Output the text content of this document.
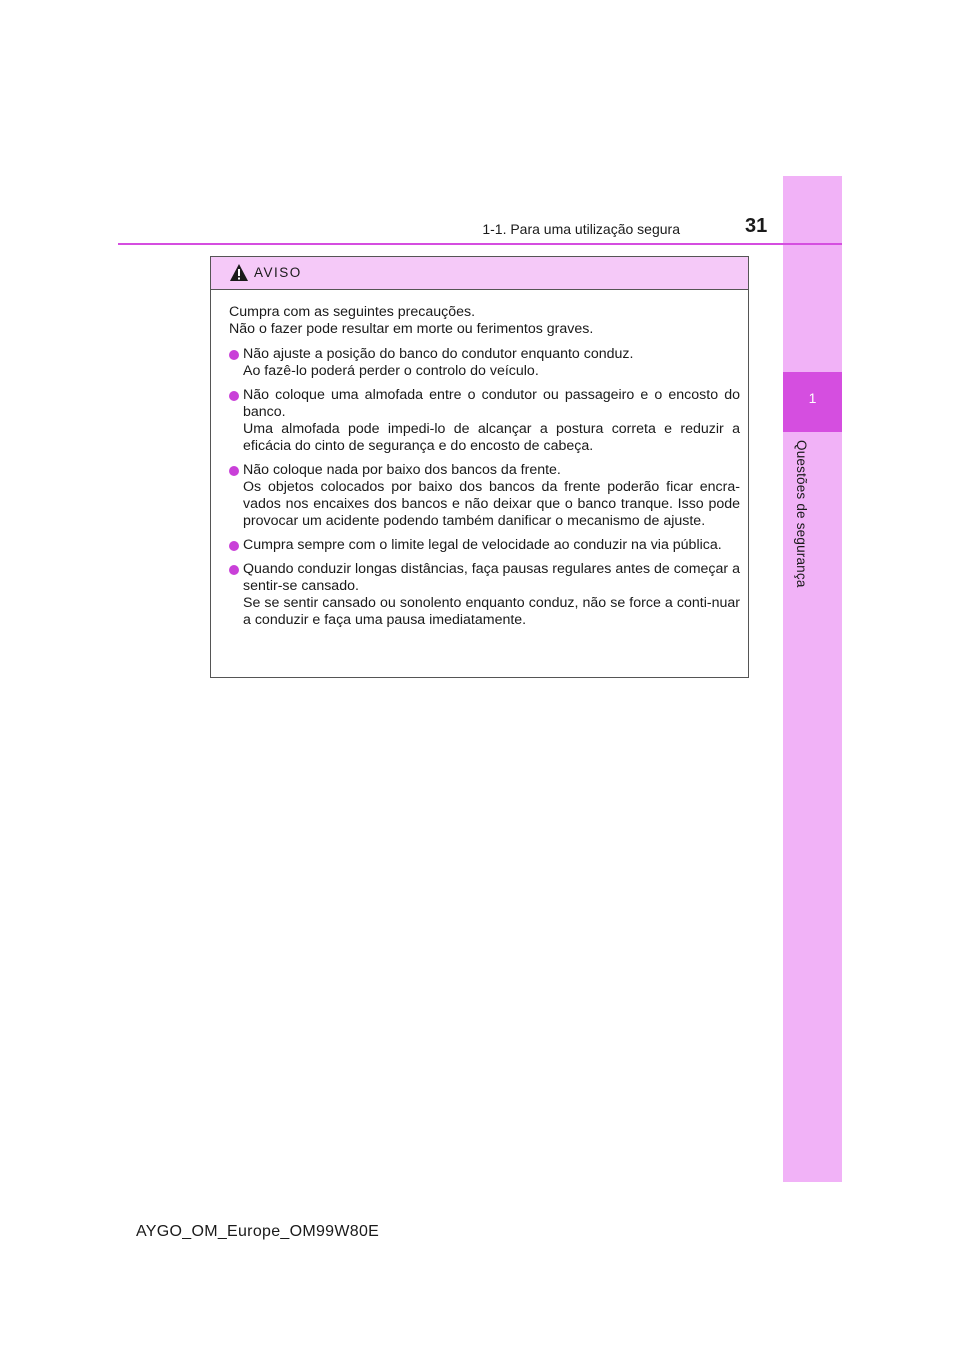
1
Questões de segurança
1-1. Para uma utilização segura	31
AVISO
Cumpra com as seguintes precauções.
Não o fazer pode resultar em morte ou ferimentos graves.
Não ajuste a posição do banco do condutor enquanto conduz.
Ao fazê-lo poderá perder o controlo do veículo.
Não coloque uma almofada entre o condutor ou passageiro e o encosto do banco.
Uma almofada pode impedi-lo de alcançar a postura correta e reduzir a eficácia do cinto de segurança e do encosto de cabeça.
Não coloque nada por baixo dos bancos da frente.
Os objetos colocados por baixo dos bancos da frente poderão ficar encra-vados nos encaixes dos bancos e não deixar que o banco tranque. Isso pode provocar um acidente podendo também danificar o mecanismo de ajuste.
Cumpra sempre com o limite legal de velocidade ao conduzir na via pública.
Quando conduzir longas distâncias, faça pausas regulares antes de começar a sentir-se cansado.
Se se sentir cansado ou sonolento enquanto conduz, não se force a conti-nuar a conduzir e faça uma pausa imediatamente.
AYGO_OM_Europe_OM99W80E
